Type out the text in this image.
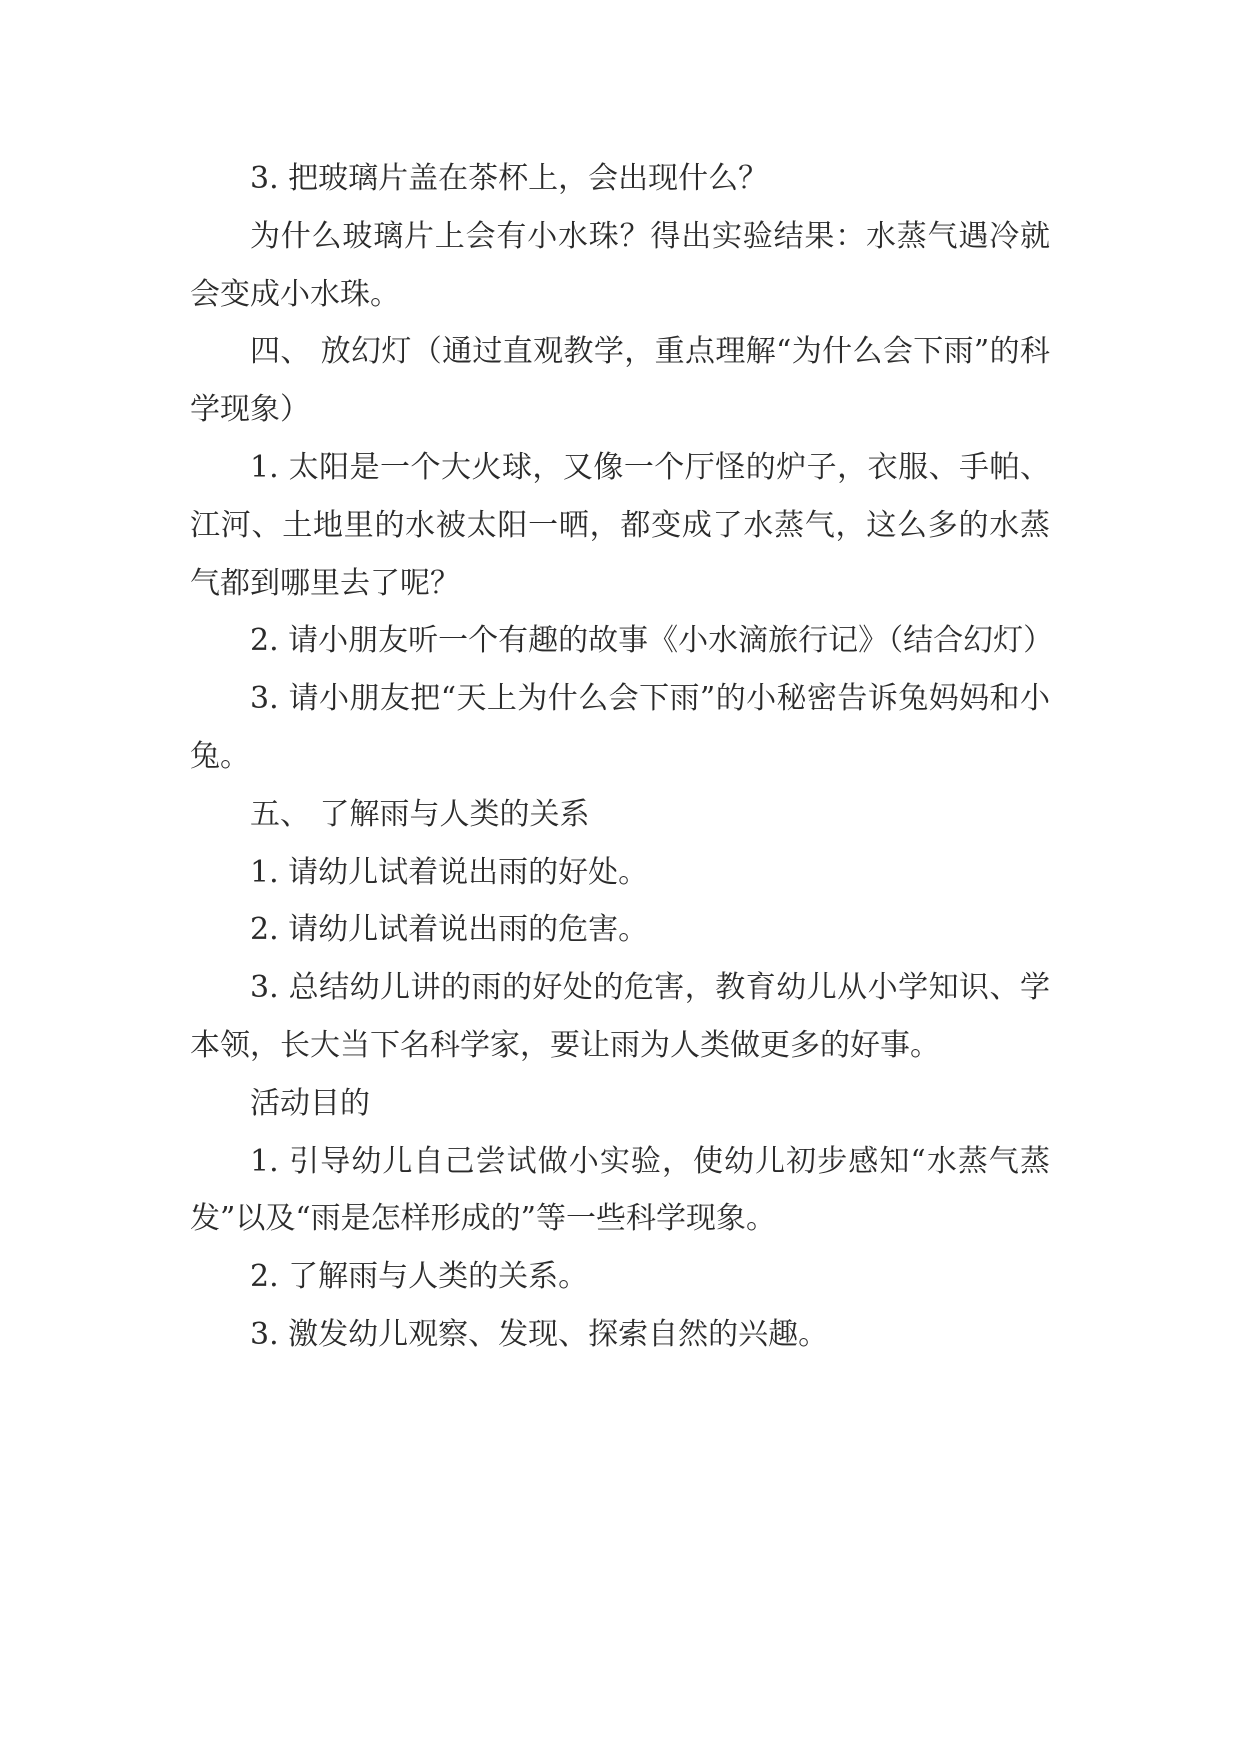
3. 把玻璃片盖在茶杯上，会出现什么？

为什么玻璃片上会有小水珠？得出实验结果：水蒸气遇冷就会变成小水珠。

四、 放幻灯（通过直观教学，重点理解“为什么会下雨”的科学现象）

1. 太阳是一个大火球，又像一个厅怪的炉子，衣服、手帕、江河、土地里的水被太阳一晒，都变成了水蒸气，这么多的水蒸气都到哪里去了呢？

2. 请小朋友听一个有趣的故事《小水滴旅行记》（结合幻灯）

3. 请小朋友把“天上为什么会下雨”的小秘密告诉兔妈妈和小兔。

五、 了解雨与人类的关系

1. 请幼儿试着说出雨的好处。

2. 请幼儿试着说出雨的危害。

3. 总结幼儿讲的雨的好处的危害，教育幼儿从小学知识、学本领，长大当下名科学家，要让雨为人类做更多的好事。

活动目的

1. 引导幼儿自己尝试做小实验，使幼儿初步感知“水蒸气蒸发”以及“雨是怎样形成的”等一些科学现象。

2. 了解雨与人类的关系。

3. 激发幼儿观察、发现、探索自然的兴趣。
